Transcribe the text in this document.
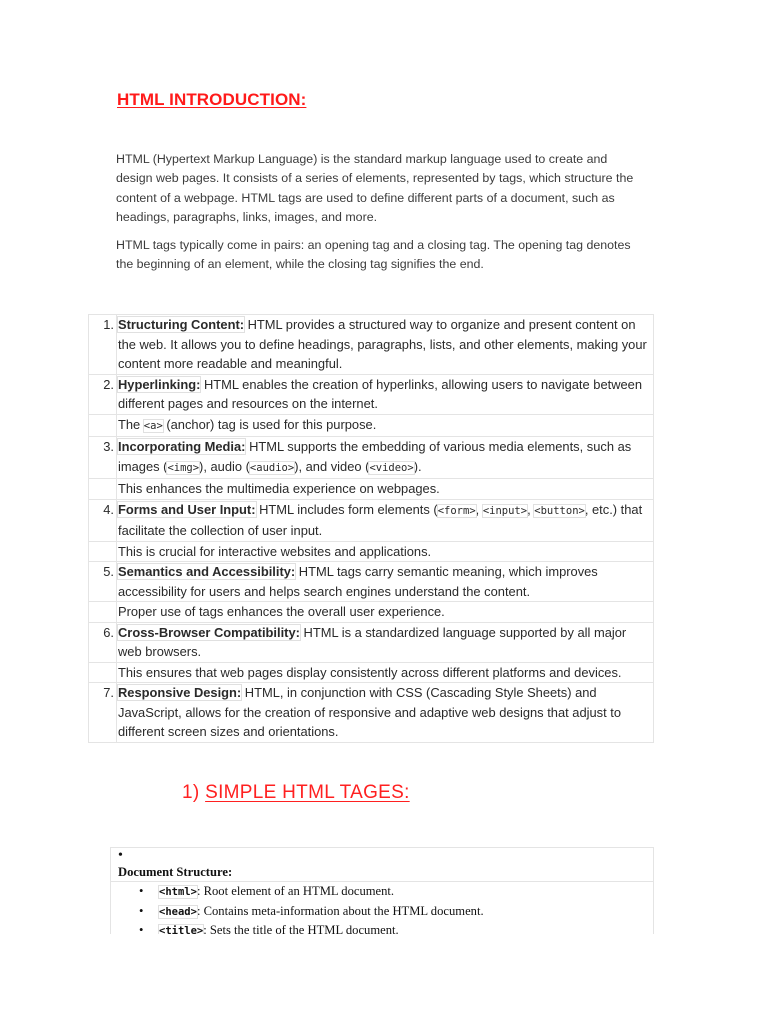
HTML INTRODUCTION:

HTML (Hypertext Markup Language) is the standard markup language used to create and design web pages. It consists of a series of elements, represented by tags, which structure the content of a webpage. HTML tags are used to define different parts of a document, such as headings, paragraphs, links, images, and more.

HTML tags typically come in pairs: an opening tag and a closing tag. The opening tag denotes the beginning of an element, while the closing tag signifies the end.

1. Structuring Content: HTML provides a structured way to organize and present content on the web. It allows you to define headings, paragraphs, lists, and other elements, making your content more readable and meaningful.
2. Hyperlinking: HTML enables the creation of hyperlinks, allowing users to navigate between different pages and resources on the internet.
The <a> (anchor) tag is used for this purpose.
3. Incorporating Media: HTML supports the embedding of various media elements, such as images (<img>), audio (<audio>), and video (<video>).
This enhances the multimedia experience on webpages.
4. Forms and User Input: HTML includes form elements (<form>, <input>, <button>, etc.) that facilitate the collection of user input.
This is crucial for interactive websites and applications.
5. Semantics and Accessibility: HTML tags carry semantic meaning, which improves accessibility for users and helps search engines understand the content.
Proper use of tags enhances the overall user experience.
6. Cross-Browser Compatibility: HTML is a standardized language supported by all major web browsers.
This ensures that web pages display consistently across different platforms and devices.
7. Responsive Design: HTML, in conjunction with CSS (Cascading Style Sheets) and JavaScript, allows for the creation of responsive and adaptive web designs that adjust to different screen sizes and orientations.
1) SIMPLE HTML TAGES:
•
Document Structure:
• <html>: Root element of an HTML document.
• <head>: Contains meta-information about the HTML document.
• <title>: Sets the title of the HTML document.
